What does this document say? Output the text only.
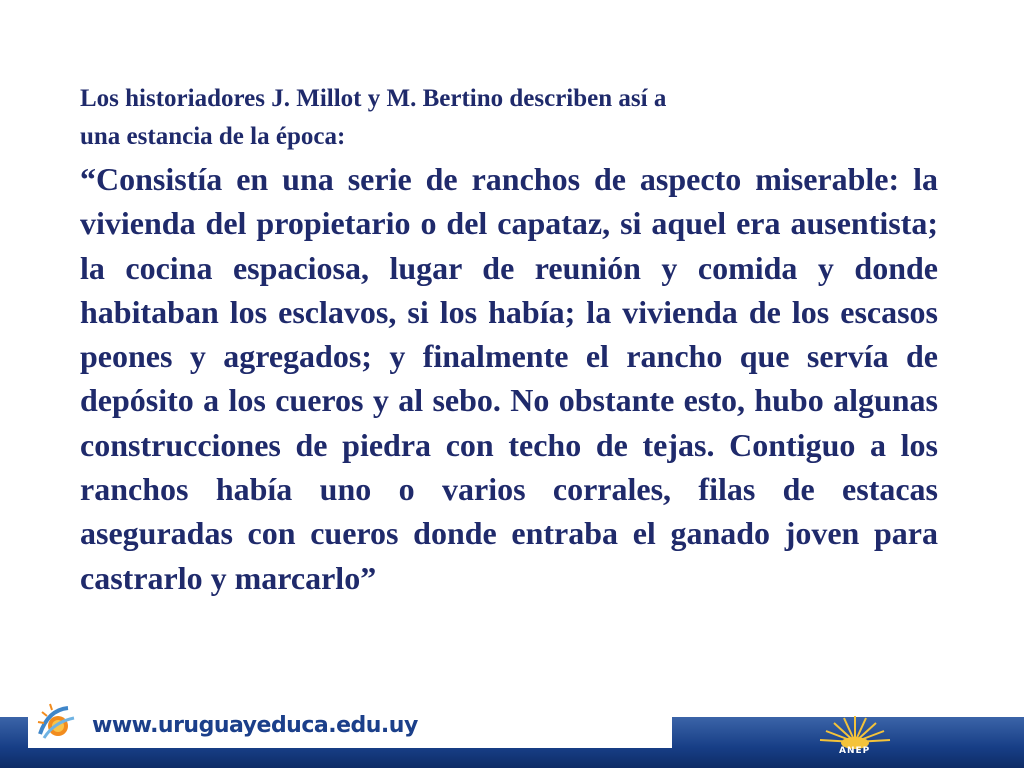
Los historiadores J. Millot y M. Bertino describen así a
una estancia de la época:
“Consistía en una serie de ranchos de aspecto miserable: la vivienda del propietario o del capataz, si aquel era ausentista; la cocina espaciosa, lugar de reunión y comida y donde habitaban los esclavos, si los había; la vivienda de los escasos peones y agregados; y finalmente el rancho que servía de depósito a los cueros y al sebo. No obstante esto, hubo algunas construcciones de piedra con techo de tejas. Contiguo a los ranchos había uno o varios corrales, filas de estacas aseguradas con cueros donde entraba el ganado joven para castrarlo y marcarlo”
www.uruguayeduca.edu.uy
ANEP
